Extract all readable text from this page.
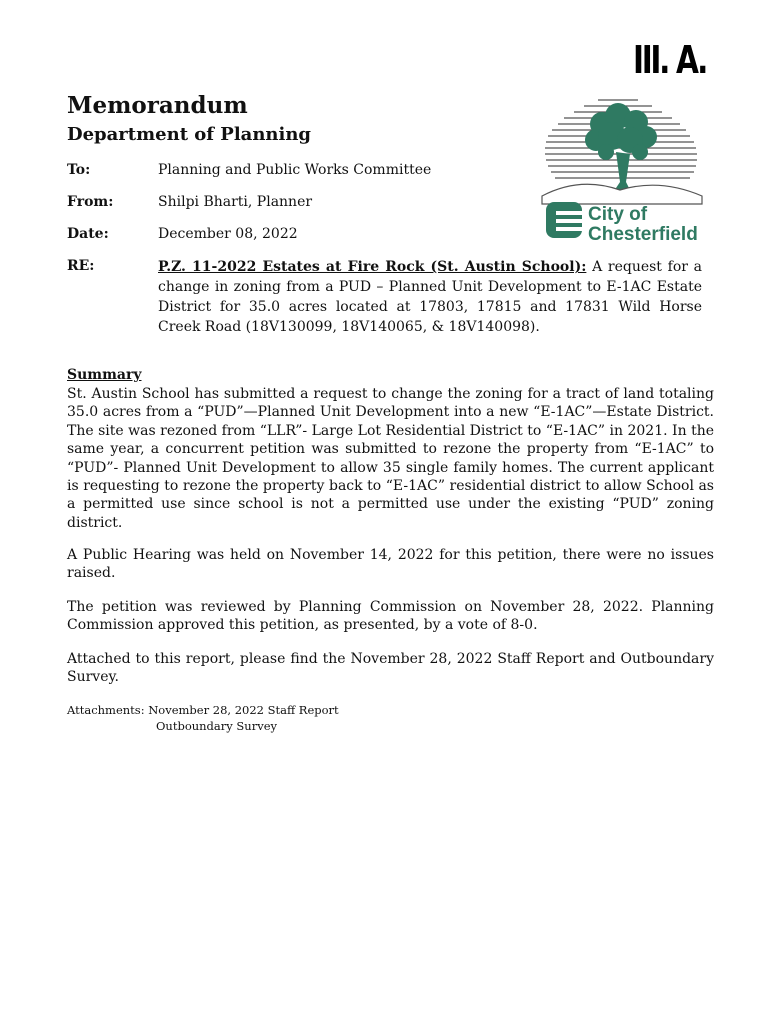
III. A.
Memorandum
Department of Planning
City of
Chesterfield
To:	Planning and Public Works Committee
From:	Shilpi Bharti, Planner
Date:	December 08, 2022
RE:	P.Z. 11-2022 Estates at Fire Rock (St. Austin School): A request for a change in zoning from a PUD – Planned Unit Development to E-1AC Estate District for 35.0 acres located at 17803, 17815 and 17831 Wild Horse Creek Road (18V130099, 18V140065, & 18V140098).
Summary
St. Austin School has submitted a request to change the zoning for a tract of land totaling 35.0 acres from a “PUD”—Planned Unit Development into a new “E-1AC”—Estate District. The site was rezoned from “LLR”- Large Lot Residential District to “E-1AC” in 2021. In the same year, a concurrent petition was submitted to rezone the property from “E-1AC” to “PUD”- Planned Unit Development to allow 35 single family homes. The current applicant is requesting to rezone the property back to “E-1AC” residential district to allow School as a permitted use since school is not a permitted use under the existing “PUD” zoning district.
A Public Hearing was held on November 14, 2022 for this petition, there were no issues raised.
The petition was reviewed by Planning Commission on November 28, 2022. Planning Commission approved this petition, as presented, by a vote of 8-0.
Attached to this report, please find the November 28, 2022 Staff Report and Outboundary Survey.
Attachments: November 28, 2022 Staff Report
Outboundary Survey
